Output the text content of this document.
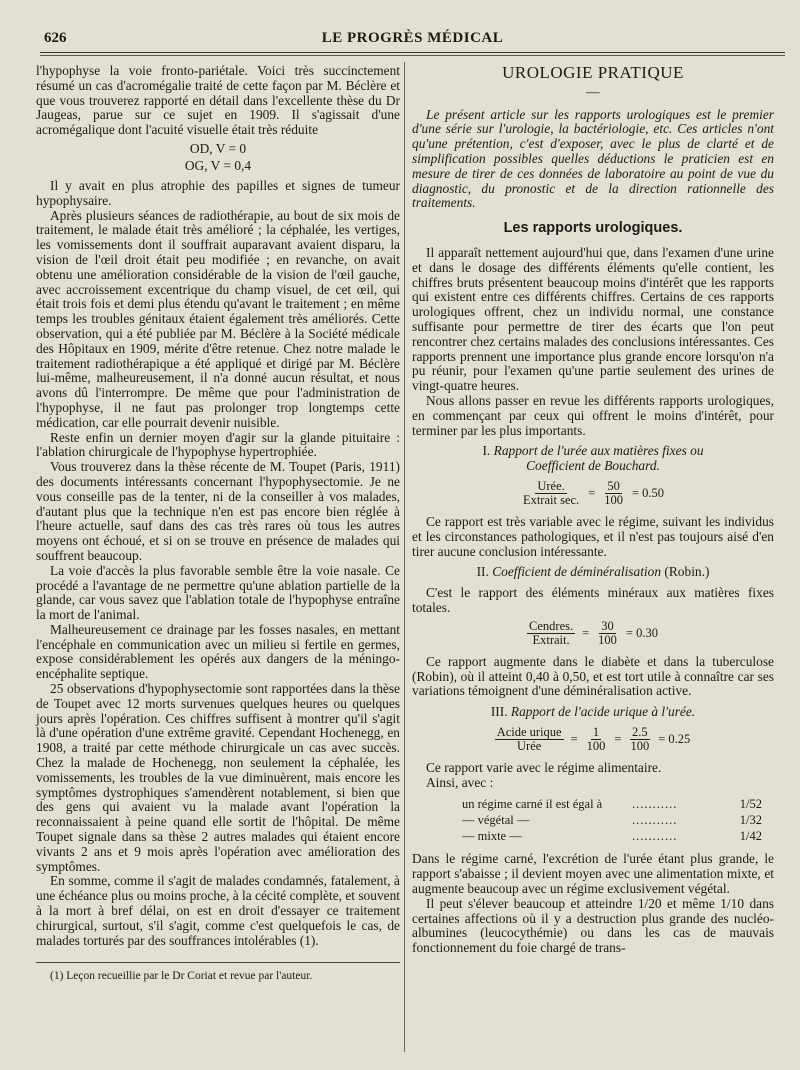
626	LE PROGRÈS MÉDICAL

l'hypophyse la voie fronto-pariétale. Voici très succinctement résumé un cas d'acromégalie traité de cette façon par M. Béclère et que vous trouverez rapporté en détail dans l'excellente thèse du Dr Jaugeas, parue sur ce sujet en 1909. Il s'agissait d'une acromégalique dont l'acuité visuelle était très réduite

OD, V = 0
OG, V = 0,4

Il y avait en plus atrophie des papilles et signes de tumeur hypophysaire.

Après plusieurs séances de radiothérapie, au bout de six mois de traitement, le malade était très amélioré ; la céphalée, les vertiges, les vomissements dont il souffrait auparavant avaient disparu, la vision de l'œil droit était peu modifiée ; en revanche, on avait obtenu une amélioration considérable de la vision de l'œil gauche, avec accroissement excentrique du champ visuel, de cet œil, qui était trois fois et demi plus étendu qu'avant le traitement ; en même temps les troubles génitaux étaient également très améliorés. Cette observation, qui a été publiée par M. Béclère à la Société médicale des Hôpitaux en 1909, mérite d'être retenue. Chez notre malade le traitement radiothérapique a été appliqué et dirigé par M. Béclère lui-même, malheureusement, il n'a donné aucun résultat, et nous avons dû l'interrompre. De même que pour l'administration de l'hypophyse, il ne faut pas prolonger trop longtemps cette médication, car elle pourrait devenir nuisible.

Reste enfin un dernier moyen d'agir sur la glande pituitaire : l'ablation chirurgicale de l'hypophyse hypertrophiée.

Vous trouverez dans la thèse récente de M. Toupet (Paris, 1911) des documents intéressants concernant l'hypophysectomie. Je ne vous conseille pas de la tenter, ni de la conseiller à vos malades, d'autant plus que la technique n'en est pas encore bien réglée à l'heure actuelle, sauf dans des cas très rares où tous les autres moyens ont échoué, et si on se trouve en présence de malades qui souffrent beaucoup.

La voie d'accès la plus favorable semble être la voie nasale. Ce procédé a l'avantage de ne permettre qu'une ablation partielle de la glande, car vous savez que l'ablation totale de l'hypophyse entraîne la mort de l'animal.

Malheureusement ce drainage par les fosses nasales, en mettant l'encéphale en communication avec un milieu si fertile en germes, expose considérablement les opérés aux dangers de la méningo-encéphalite septique.

25 observations d'hypophysectomie sont rapportées dans la thèse de Toupet avec 12 morts survenues quelques heures ou quelques jours après l'opération. Ces chiffres suffisent à montrer qu'il s'agit là d'une opération d'une extrême gravité. Cependant Hochenegg, en 1908, a traité par cette méthode chirurgicale un cas avec succès. Chez la malade de Hochenegg, non seulement la céphalée, les vomissements, les troubles de la vue diminuèrent, mais encore les symptômes dystrophiques s'amendèrent notablement, si bien que des gens qui avaient vu la malade avant l'opération la reconnaissaient à peine quand elle sortit de l'hôpital. De même Toupet signale dans sa thèse 2 autres malades qui étaient encore vivants 2 ans et 9 mois après l'opération avec amélioration des symptômes.

En somme, comme il s'agit de malades condamnés, fatalement, à une échéance plus ou moins proche, à la cécité complète, et souvent à la mort à bref délai, on est en droit d'essayer ce traitement chirurgical, surtout, s'il s'agit, comme c'est quelquefois le cas, de malades torturés par des souffrances intolérables (1).

(1) Leçon recueillie par le Dr Coriat et revue par l'auteur.

UROLOGIE PRATIQUE
—

Le présent article sur les rapports urologiques est le premier d'une série sur l'urologie, la bactériologie, etc. Ces articles n'ont qu'une prétention, c'est d'exposer, avec le plus de clarté et de simplification possibles quelles déductions le praticien est en mesure de tirer de ces données de laboratoire au point de vue du diagnostic, du pronostic et de la direction rationnelle des traitements.

Les rapports urologiques.

Il apparaît nettement aujourd'hui que, dans l'examen d'une urine et dans le dosage des différents éléments qu'elle contient, les chiffres bruts présentent beaucoup moins d'intérêt que les rapports qui existent entre ces différents chiffres. Certains de ces rapports urologiques offrent, chez un individu normal, une constance suffisante pour permettre de tirer des écarts que l'on peut rencontrer chez certains malades des conclusions intéressantes. Ces rapports prennent une importance plus grande encore lorsqu'on n'a pu réunir, pour l'examen qu'une partie seulement des urines de vingt-quatre heures.

Nous allons passer en revue les différents rapports urologiques, en commençant par ceux qui offrent le moins d'intérêt, pour terminer par les plus importants.

I. Rapport de l'urée aux matières fixes ou
Coefficient de Bouchard.
$\frac{\text{Urée.}}{\text{Extrait sec.}} = \frac{50}{100} = 0.50$

Ce rapport est très variable avec le régime, suivant les individus et les circonstances pathologiques, et il n'est pas toujours aisé d'en tirer aucune conclusion intéressante.

II. Coefficient de déminéralisation (Robin.)

C'est le rapport des éléments minéraux aux matières fixes totales.

$\frac{\text{Cendres.}}{\text{Extrait.}} = \frac{30}{100} = 0.30$

Ce rapport augmente dans le diabète et dans la tuberculose (Robin), où il atteint 0,40 à 0,50, et est tort utile à connaître car ses variations témoignent d'une déminéralisation active.

III. Rapport de l'acide urique à l'urée.
$\frac{\text{Acide urique}}{\text{Urée}} = \frac{1}{100} = \frac{2.5}{100} = 0.25$

Ce rapport varie avec le régime alimentaire.

Ainsi, avec :

un régime carné il est égal à	...........	1/52
— végétal —	...........	1/32
— mixte —	...........	1/42

Dans le régime carné, l'excrétion de l'urée étant plus grande, le rapport s'abaisse ; il devient moyen avec une alimentation mixte, et augmente beaucoup avec un régime exclusivement végétal.

Il peut s'élever beaucoup et atteindre 1/20 et même 1/10 dans certaines affections où il y a destruction plus grande des nucléo-albumines (leucocythémie) ou dans les cas de mauvais fonctionnement du foie chargé de trans-
